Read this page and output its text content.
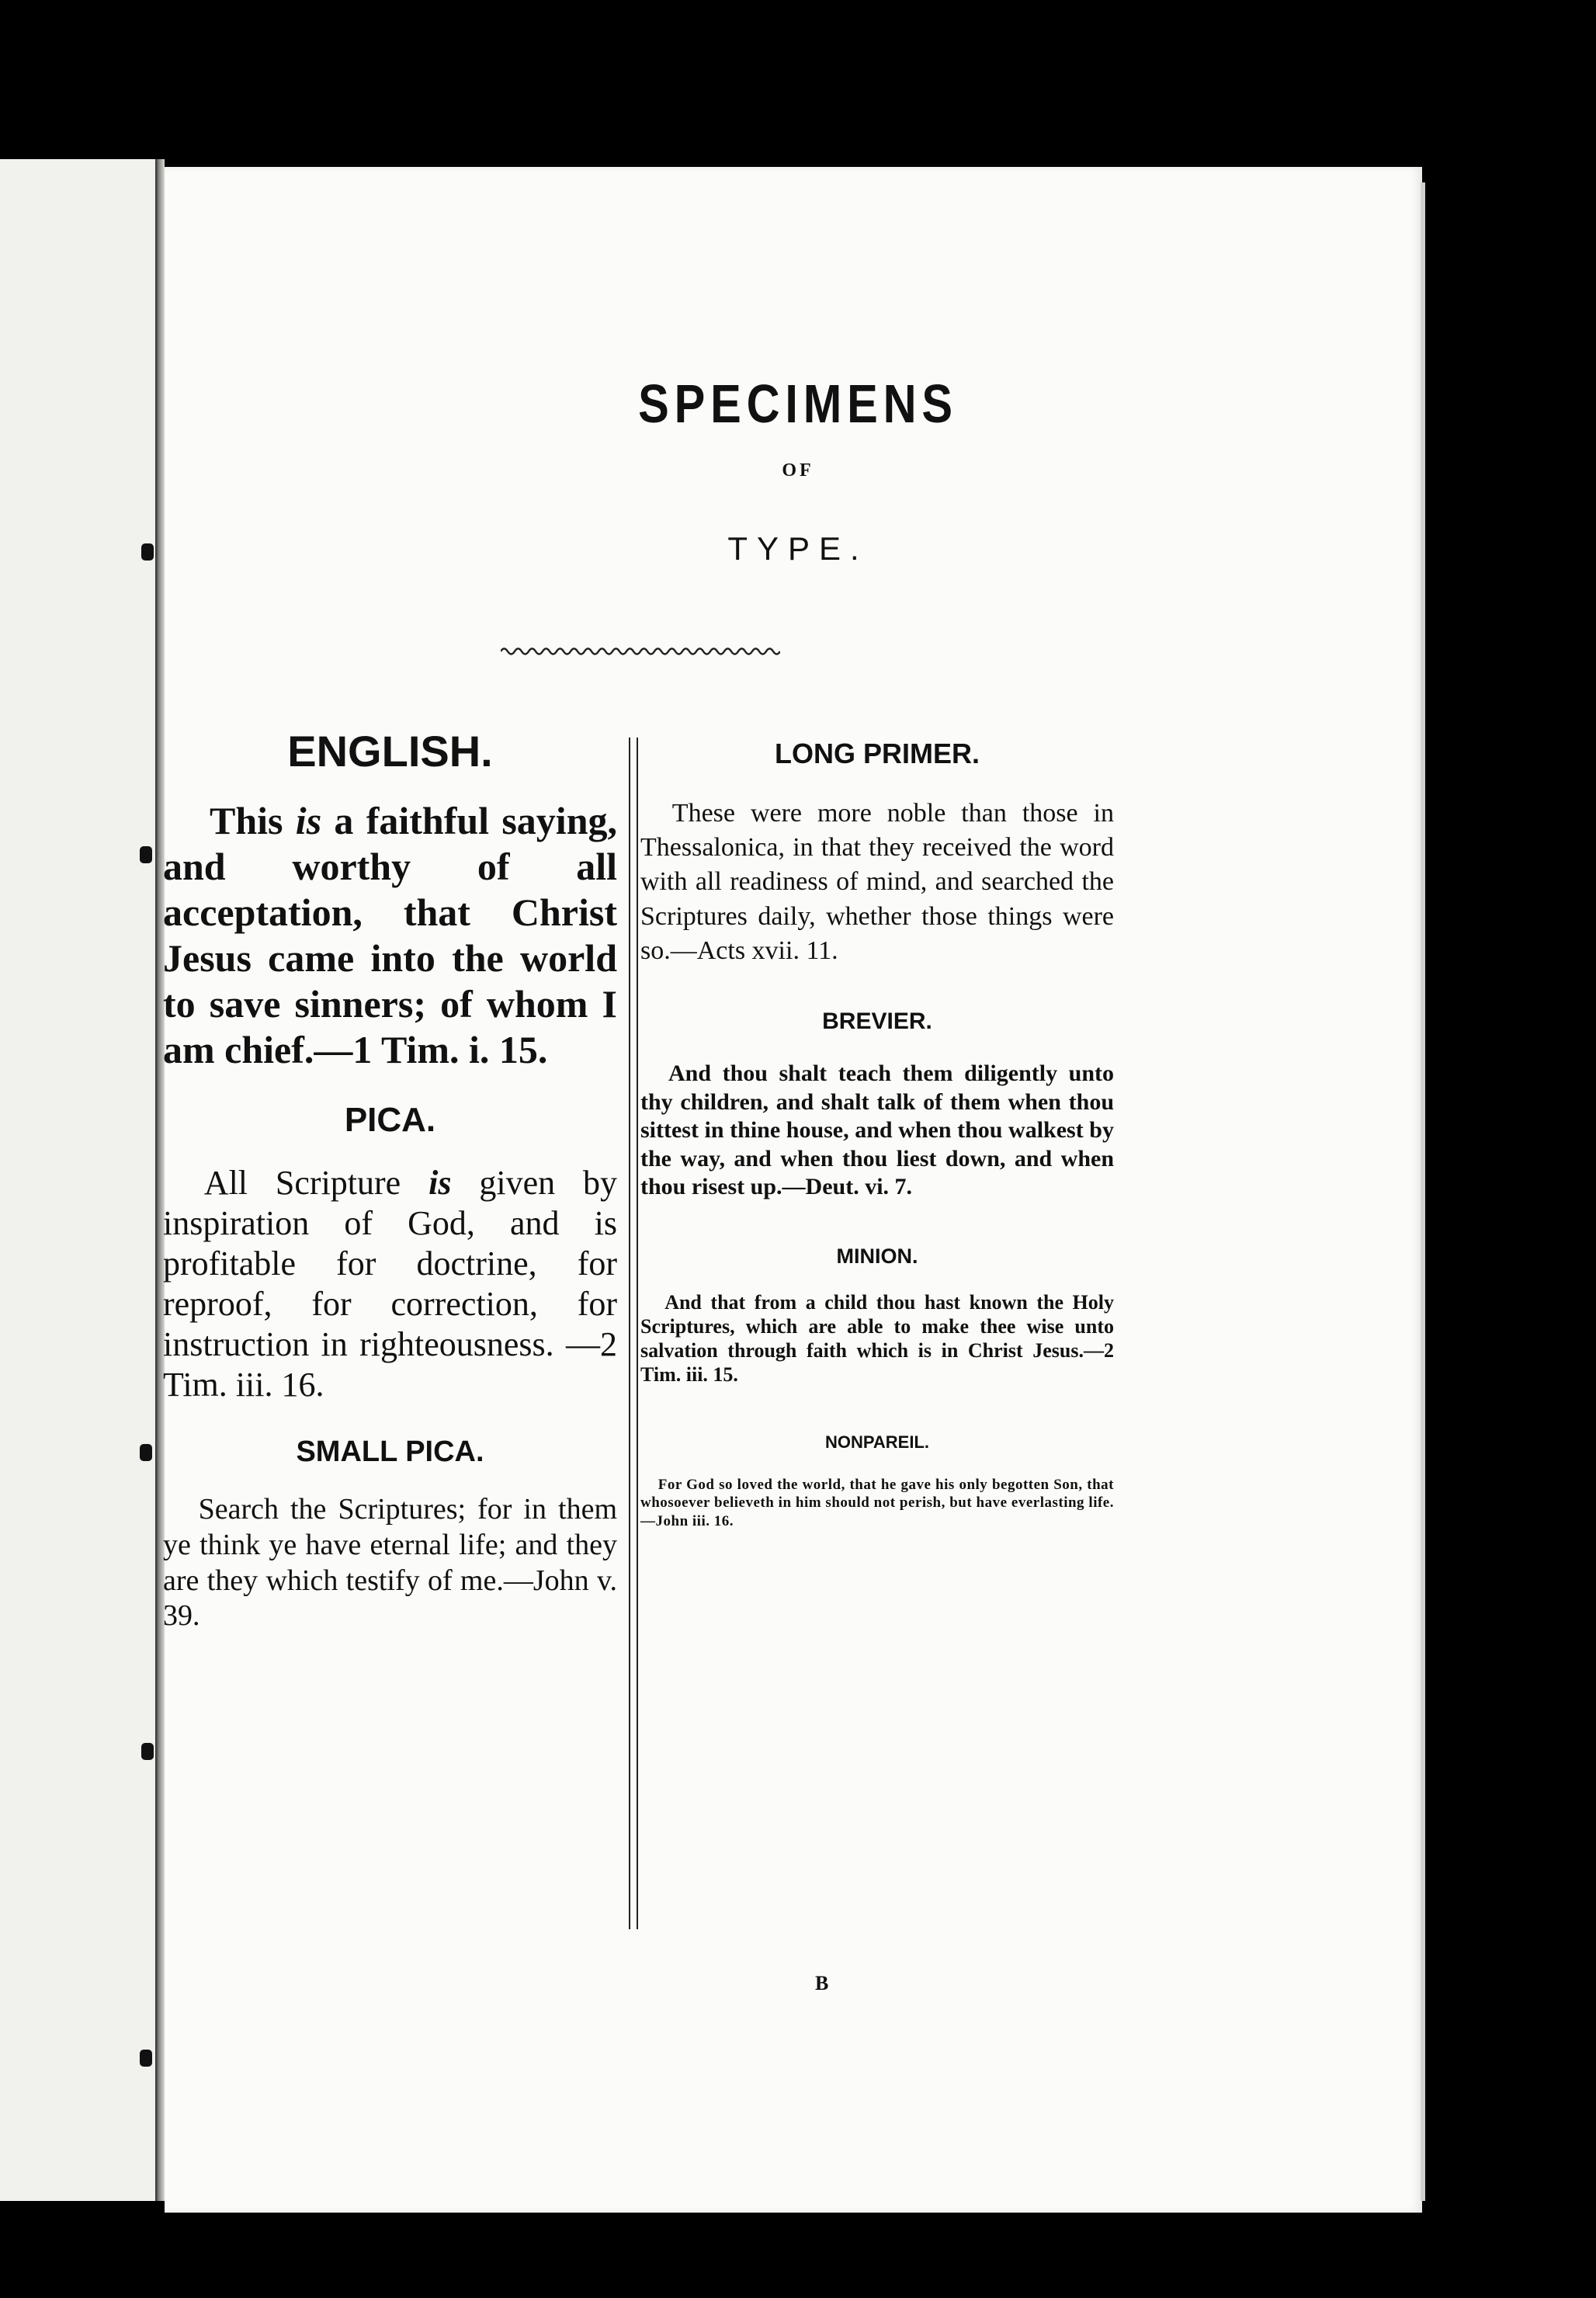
SPECIMENS
OF
TYPE.
ENGLISH.
This is a faithful saying, and worthy of all acceptation, that Christ Jesus came into the world to save sinners; of whom I am chief.—1 Tim. i. 15.
PICA.
All Scripture is given by inspiration of God, and is profitable for doctrine, for reproof, for correction, for instruction in righteousness. —2 Tim. iii. 16.
SMALL PICA.
Search the Scriptures; for in them ye think ye have eternal life; and they are they which testify of me.—John v. 39.
LONG PRIMER.
These were more noble than those in Thessalonica, in that they received the word with all readiness of mind, and searched the Scriptures daily, whether those things were so.—Acts xvii. 11.
BREVIER.
And thou shalt teach them diligently unto thy children, and shalt talk of them when thou sittest in thine house, and when thou walkest by the way, and when thou liest down, and when thou risest up.—Deut. vi. 7.
MINION.
And that from a child thou hast known the Holy Scriptures, which are able to make thee wise unto salvation through faith which is in Christ Jesus.—2 Tim. iii. 15.
NONPAREIL.
For God so loved the world, that he gave his only begotten Son, that whosoever believeth in him should not perish, but have everlasting life.—John iii. 16.
B
